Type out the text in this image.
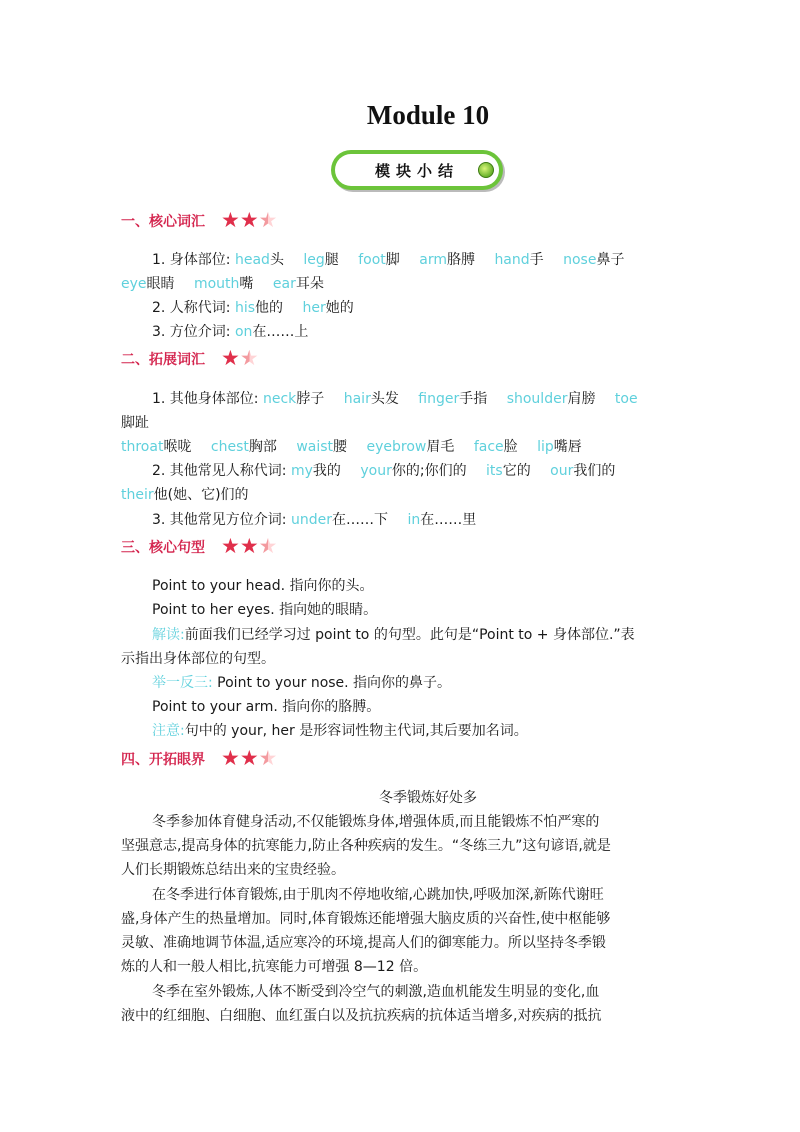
Module 10
模块小结
一、核心词汇 ★ ★ ★
1. 身体部位: head头 leg腿 foot脚 arm胳膊 hand手 nose鼻子
eye眼睛 mouth嘴 ear耳朵
2. 人称代词: his他的 her她的
3. 方位介词: on在……上
二、拓展词汇 ★ ★
1. 其他身体部位: neck脖子 hair头发 finger手指 shoulder肩膀 toe
脚趾
throat喉咙 chest胸部 waist腰 eyebrow眉毛 face脸 lip嘴唇
2. 其他常见人称代词: my我的 your你的;你们的 its它的 our我们的
their他(她、它)们的
3. 其他常见方位介词: under在……下 in在……里
三、核心句型 ★ ★ ★
Point to your head. 指向你的头。
Point to her eyes. 指向她的眼睛。
解读:前面我们已经学习过 point to 的句型。此句是“Point to + 身体部位.”表
示指出身体部位的句型。
举一反三: Point to your nose. 指向你的鼻子。
Point to your arm. 指向你的胳膊。
注意:句中的 your, her 是形容词性物主代词,其后要加名词。
四、开拓眼界 ★ ★ ★
冬季锻炼好处多
冬季参加体育健身活动,不仅能锻炼身体,增强体质,而且能锻炼不怕严寒的
坚强意志,提高身体的抗寒能力,防止各种疾病的发生。“冬练三九”这句谚语,就是
人们长期锻炼总结出来的宝贵经验。
在冬季进行体育锻炼,由于肌肉不停地收缩,心跳加快,呼吸加深,新陈代谢旺
盛,身体产生的热量增加。同时,体育锻炼还能增强大脑皮质的兴奋性,使中枢能够
灵敏、准确地调节体温,适应寒冷的环境,提高人们的御寒能力。所以坚持冬季锻
炼的人和一般人相比,抗寒能力可增强 8—12 倍。
冬季在室外锻炼,人体不断受到冷空气的刺激,造血机能发生明显的变化,血
液中的红细胞、白细胞、血红蛋白以及抗抗疾病的抗体适当增多,对疾病的抵抗
